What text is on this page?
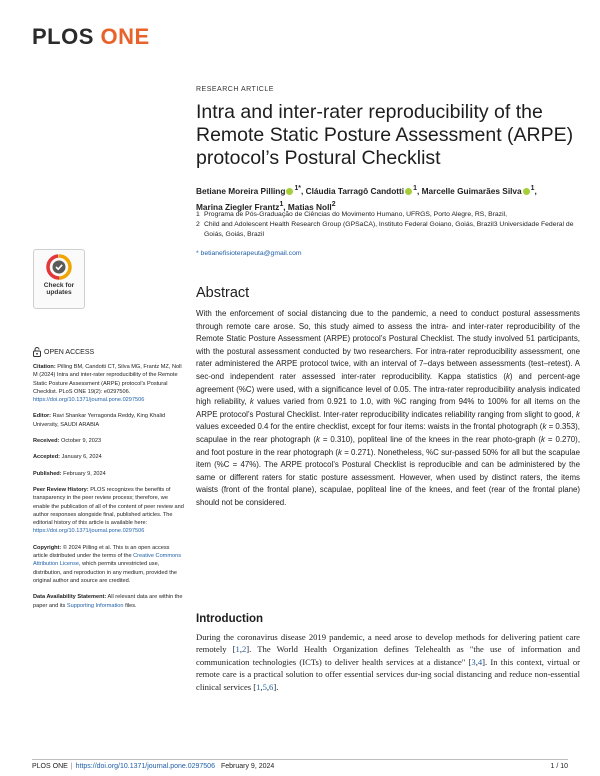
PLOS ONE
RESEARCH ARTICLE
Intra and inter-rater reproducibility of the Remote Static Posture Assessment (ARPE) protocol’s Postural Checklist
Betiane Moreira Pilling $^{1*}$, Cláudia Tarragô Candotti $^1$, Marcelle Guimarães Silva $^1$,
Marina Ziegler Frantz$^1$, Matias Noll$^2$
1 Programa de Pós-Graduação de Ciências do Movimento Humano, UFRGS, Porto Alegre, RS, Brazil,
2 Child and Adolescent Health Research Group (GPSaCA), Instituto Federal Goiano, Goiás, Brazil3 Universidade Federal de Goiás, Goiás, Brazil
* betianefisioterapeuta@gmail.com
Check for
updates
OPEN ACCESS

Citation: Pilling BM, Candotti CT, Silva MG, Frantz MZ, Noll M (2024) Intra and inter-rater reproducibility of the Remote Static Posture Assessment (ARPE) protocol’s Postural Checklist. PLoS ONE 19(2): e0297506. https://doi.org/10.1371/journal.pone.0297506

Editor: Ravi Shankar Yerragonda Reddy, King Khalid University, SAUDI ARABIA

Received: October 9, 2023

Accepted: January 6, 2024

Published: February 9, 2024

Peer Review History: PLOS recognizes the benefits of transparency in the peer review process; therefore, we enable the publication of all of the content of peer review and author responses alongside final, published articles. The editorial history of this article is available here: https://doi.org/10.1371/journal.pone.0297506

Copyright: © 2024 Pilling et al. This is an open access article distributed under the terms of the Creative Commons Attribution License, which permits unrestricted use, distribution, and reproduction in any medium, provided the original author and source are credited.

Data Availability Statement: All relevant data are within the paper and its Supporting Information files.

Abstract
With the enforcement of social distancing due to the pandemic, a need to conduct postural assessments through remote care arose. So, this study aimed to assess the intra- and inter-rater reproducibility of the Remote Static Posture Assessment (ARPE) protocol’s Postural Checklist. The study involved 51 participants, with the postural assessment conducted by two researchers. For intra-rater reproducibility assessment, one rater administered the ARPE protocol twice, with an interval of 7–days between assessments (test–retest). A sec-ond independent rater assessed inter-rater reproducibility. Kappa statistics (k) and percent-age agreement (%C) were used, with a significance level of 0.05. The intra-rater reproducibility analysis indicated high reliability, k values varied from 0.921 to 1.0, with %C ranging from 94% to 100% for all items on the ARPE protocol’s Postural Checklist. Inter-rater reproducibility indicates reliability ranging from slight to good, k values exceeded 0.4 for the entire checklist, except for four items: waists in the frontal photograph (k = 0.353), scapulae in the rear photograph (k = 0.310), popliteal line of the knees in the rear photo-graph (k = 0.270), and foot posture in the rear photograph (k = 0.271). Nonetheless, %C sur-passed 50% for all but the scapulae item (%C = 47%). The ARPE protocol’s Postural Checklist is reproducible and can be administered by the same or different raters for static posture assessment. However, when used by distinct raters, the items waists (front of the frontal plane), scapulae, popliteal line of the knees, and feet (rear of the frontal plane) should not be considered.
Introduction
During the coronavirus disease 2019 pandemic, a need arose to develop methods for delivering patient care remotely [1,2]. The World Health Organization defines Telehealth as "the use of information and communication technologies (ICTs) to deliver health services at a distance" [3,4]. In this context, virtual or remote care is a practical solution to offer essential services dur-ing social distancing and reduce non-essential clinical services [1,5,6].
PLOS ONE | https://doi.org/10.1371/journal.pone.0297506 February 9, 2024	1 / 10
